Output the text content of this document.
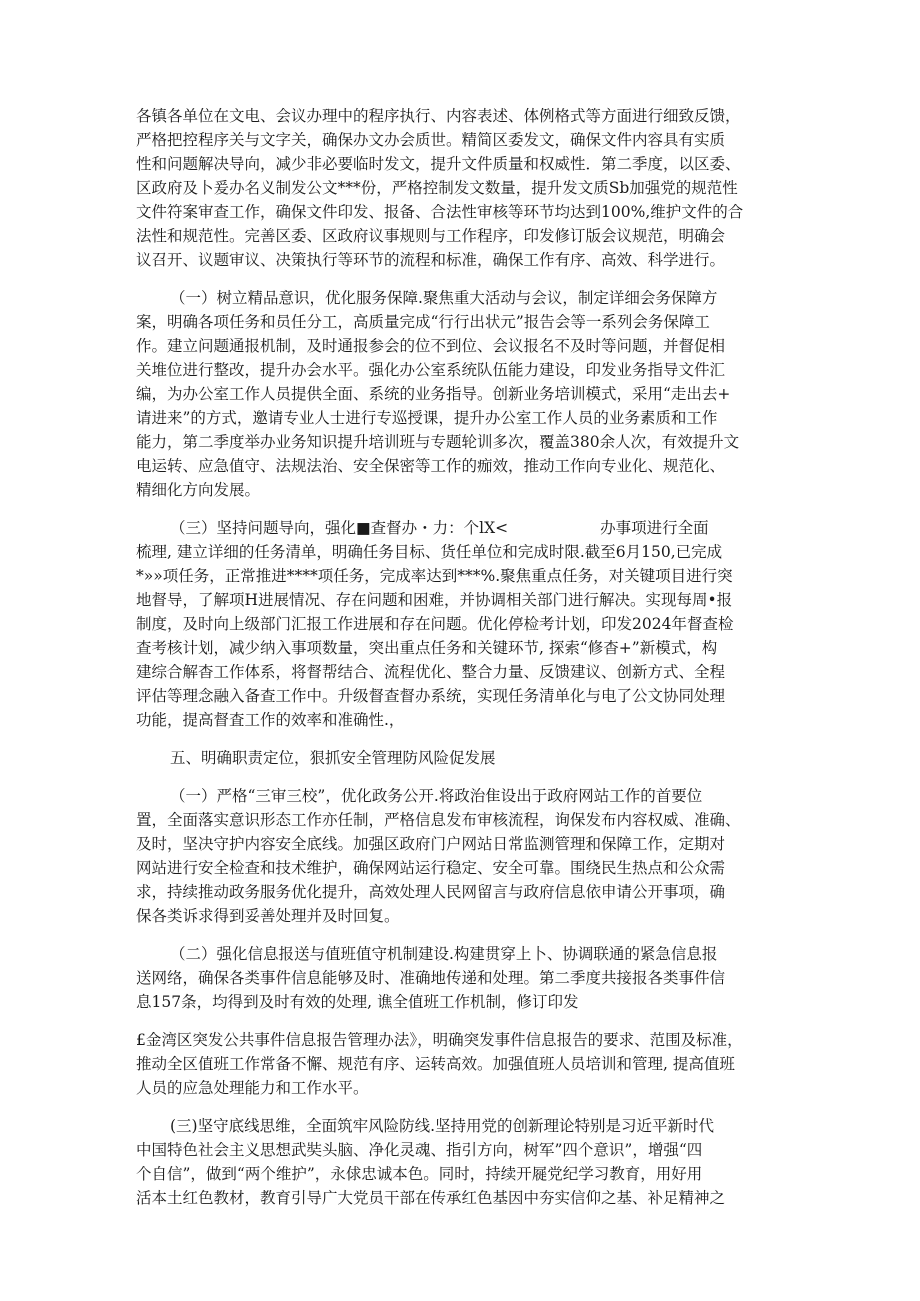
各镇各单位在文电、会议办理中的程序执行、内容表述、体例格式等方面进行细致反馈，
严格把控程序关与文字关，确保办文办会质世。精简区委发文，确保文件内容具有实质
性和问题解决导向，减少非必要临时发文，提升文件质量和权威性．第二季度，以区委、
区政府及卜爰办名义制发公文***份，严格控制发文数量，提升发文质Sb加强党的规范性
文件符案审查工作，确保文件印发、报备、合法性审核等环节均达到100%,维护文件的合
法性和规范性。完善区委、区政府议事规则与工作程序，印发修订版会议规范，明确会
议召开、议题审议、决策执行等环节的流程和标准，确保工作有序、高效、科学进行。
（一）树立精品意识，优化服务保障.聚焦重大活动与会议，制定详细会务保障方
案，明确各项任务和员任分工，高质量完成“行行出状元”报告会等一系列会务保障工
作。建立问题通报机制，及时通报参会的位不到位、会议报名不及时等问题，并督促相
关堆位进行整改，提升办会水平。强化办公室系统队伍能力建设，印发业务指导文件汇
编，为办公室工作人员提供全面、系统的业务指导。创新业务培训模式，采用“走出去+
请进来”的方式，邀请专业人士进行专巡授课，提升办公室工作人员的业务素质和工作
能力，第二季度举办业务知识提升培训班与专题轮训多次，覆盖380余人次，有效提升文
电运转、应急值守、法规法治、安全保密等工作的痂效，推动工作向专业化、规范化、
精细化方向发展。
（三）坚持问题导向，强化■查督办・力：个lX<	办事项进行全面
梳理, 建立详细的任务清单，明确任务目标、货任单位和完成时限.截至6月150,已完成
*»»项任务，正常推进****项任务，完成率达到***%.聚焦重点任务，对关键项目进行突
地督导，了解项H进展情况、存在问题和困难，并协调相关部门进行解决。实现每周•报
制度，及时向上级部门汇报工作进展和存在问题。优化停检考计划，印发2024年督查检
查考核计划，减少纳入事项数量，突出重点任务和关键环节, 探索“修杳+”新模式，构
建综合解杳工作体系，将督帮结合、流程优化、整合力量、反馈建议、创新方式、全程
评估等理念融入备查工作中。升级督查督办系统，实现任务清单化与电了公文协同处理
功能，提高督査工作的效率和准确性.，
五、明确职责定位，狠抓安全管理防风险促发展
（一）严格“三审三校”，优化政务公开.将政治隹设出于政府网站工作的首要位
置，全面落实意识形态工作亦任制，严格信息发布审核流程，询保发布内容权威、准确、
及时，坚决守护内容安全底线。加强区政府门户网站日常监测管理和保障工作，定期对
网站进行安全检查和技术维护，确保网站运行稳定、安全可靠。围绕民生热点和公众需
求，持续推动政务服务优化提升，高效处理人民网留言与政府信息依申请公开事项，确
保各类诉求得到妥善处理并及时回复。
（二）强化信息报送与值班值守机制建设.构建贯穿上卜、协调联通的紧急信息报
送网络，确保各类事件信息能够及时、准确地传递和处理。第二季度共接报各类事件信
息157条，均得到及时有效的处理, 谯全值班工作机制，修订印发
£金湾区突发公共事件信息报告管理办法》，明确突发事件信息报告的要求、范围及标准，
推动全区值班工作常备不懈、规范有序、运转高效。加强值班人员培训和管理, 提高值班
人员的应急处理能力和工作水平。
(三)坚守底线思维，全面筑牢风险防线.坚持用党的创新理论特别是习近平新时代
中国特色社会主义思想武奘头脑、净化灵魂、指引方向，树军”四个意识”，增强“四
个自信”，做到“两个维护”，永俅忠诚本色。同时，持续开屣党纪学习教育，用好用
活本土红色教材，教育引导广大党员干部在传承红色基因中夯实信仰之基、补足精神之
